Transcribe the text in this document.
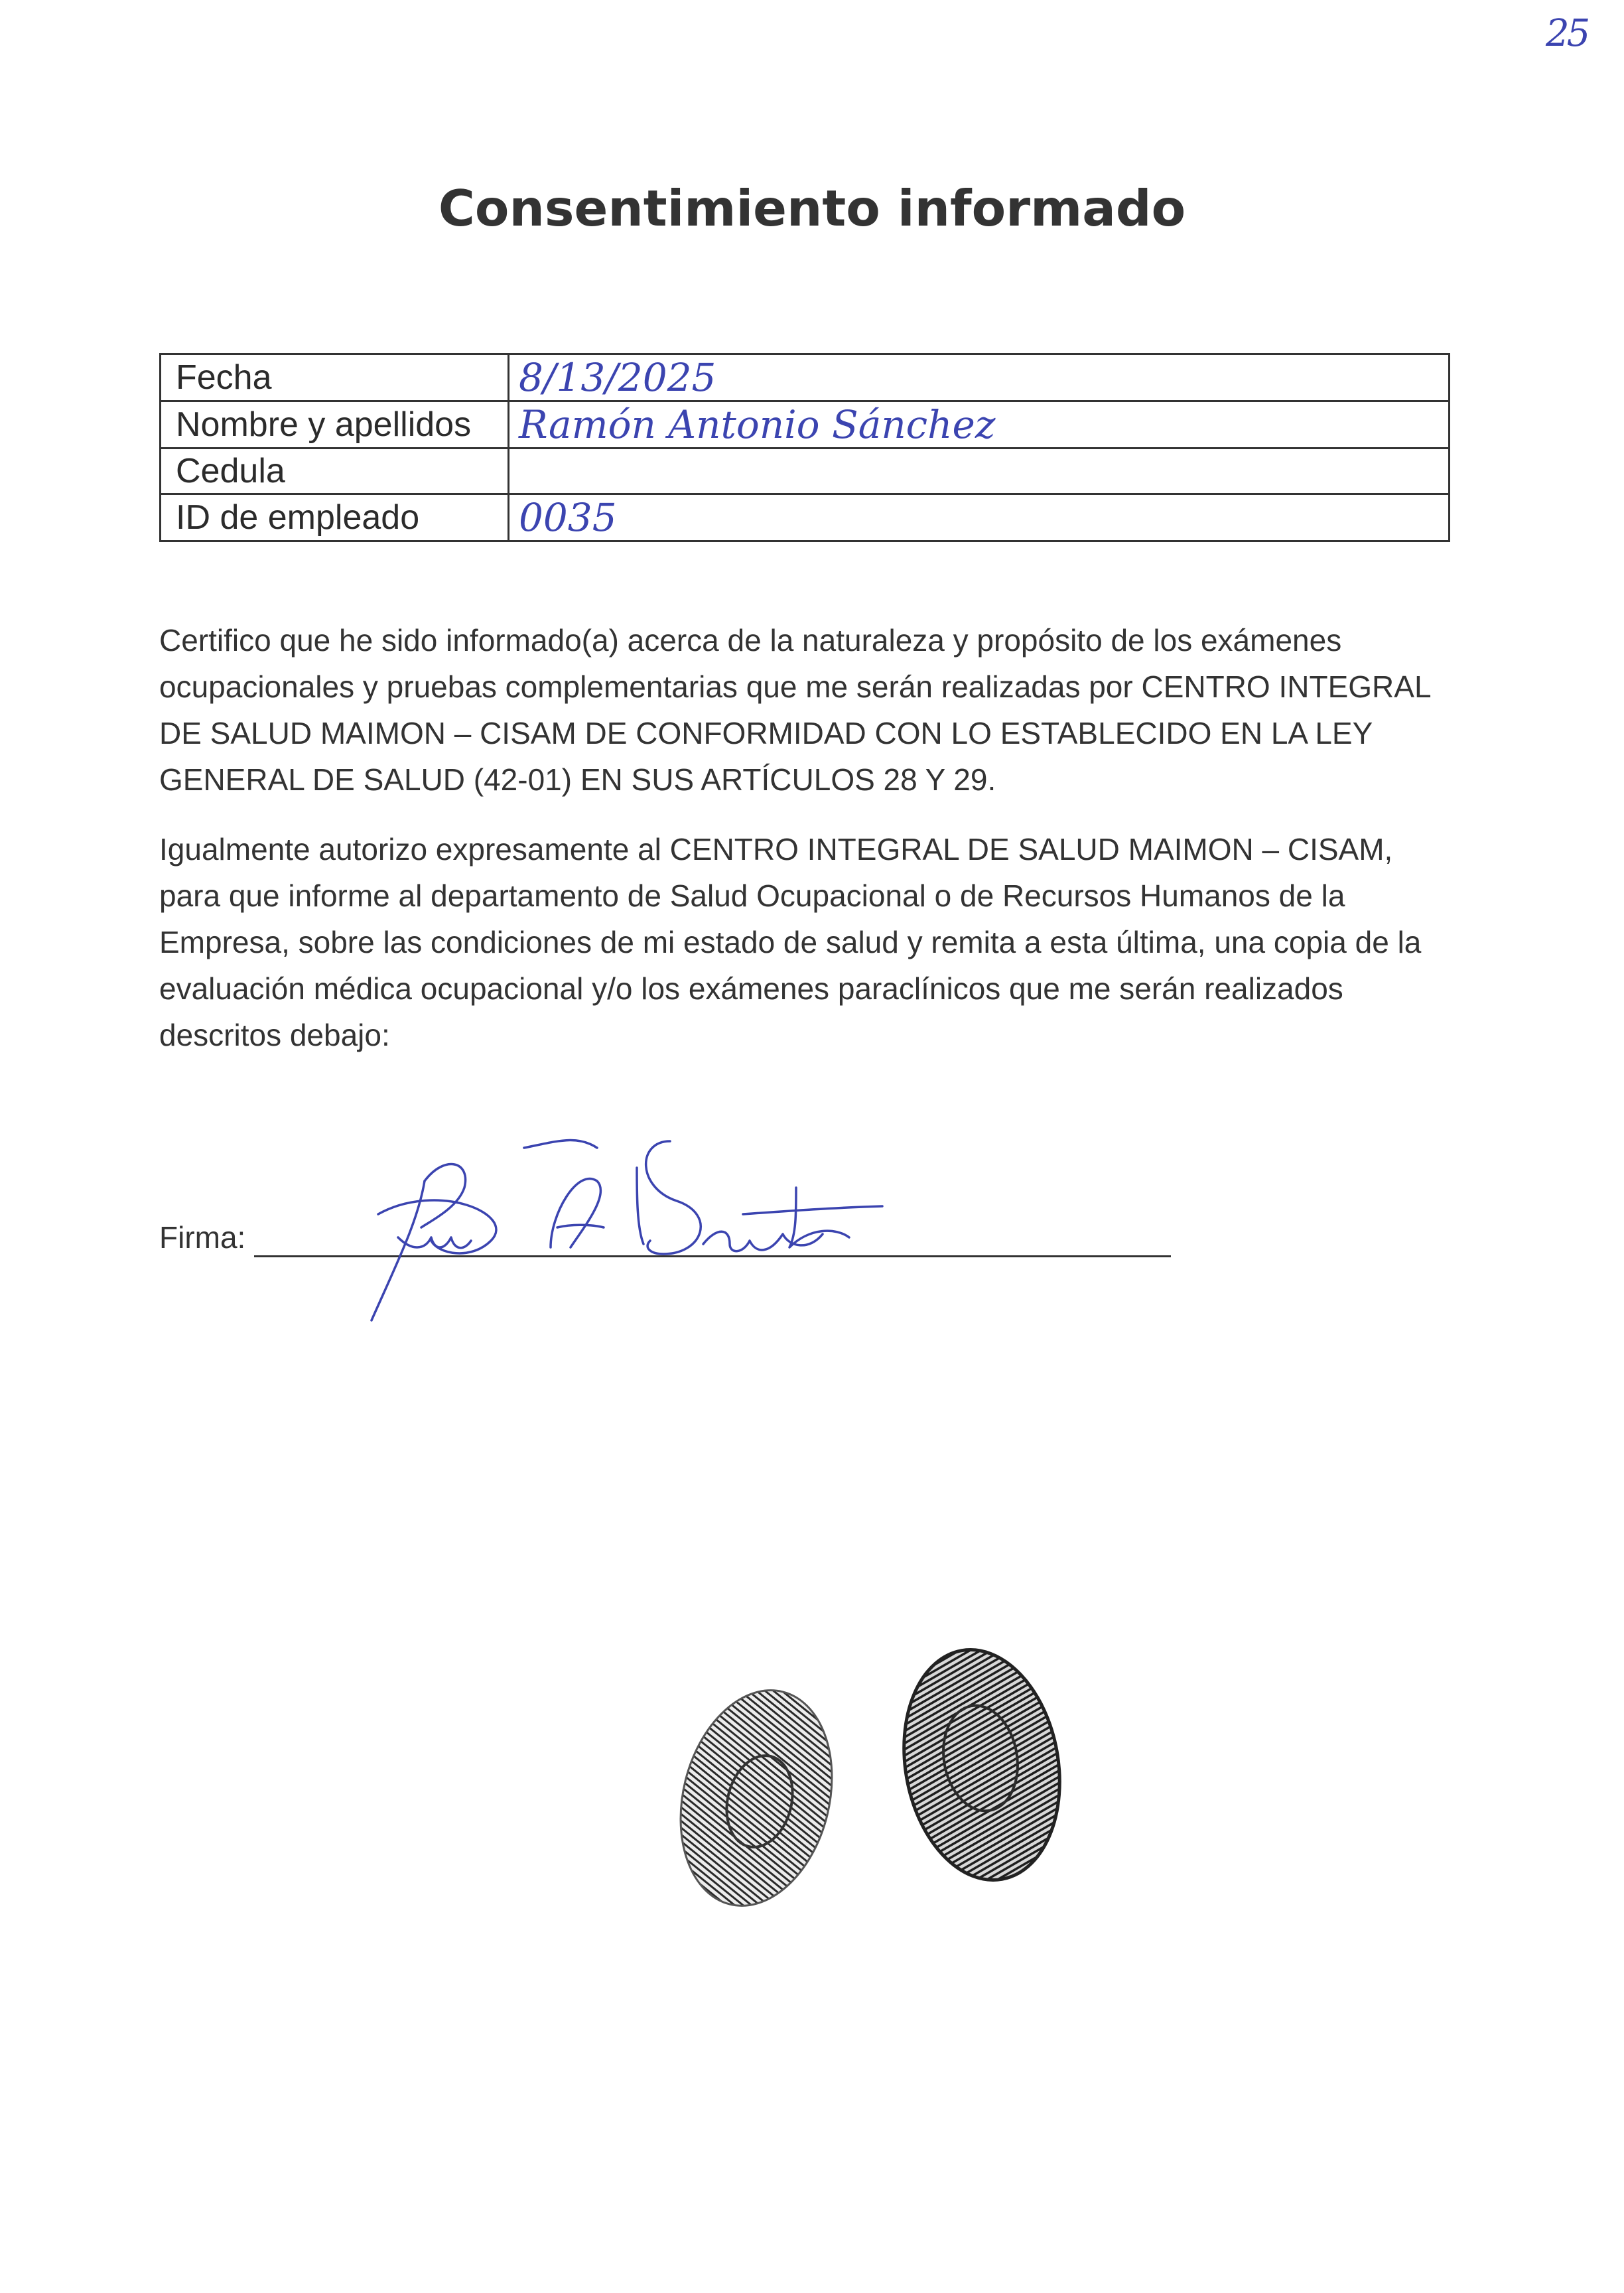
25
Consentimiento informado
Fecha	8/13/2025
Nombre y apellidos	Ramón Antonio Sánchez
Cedula	
ID de empleado	0035

Certifico que he sido informado(a) acerca de la naturaleza y propósito de los exámenes ocupacionales y pruebas complementarias que me serán realizadas por CENTRO INTEGRAL DE SALUD MAIMON – CISAM DE CONFORMIDAD CON LO ESTABLECIDO EN LA LEY GENERAL DE SALUD (42-01) EN SUS ARTÍCULOS 28 Y 29.

Igualmente autorizo expresamente al CENTRO INTEGRAL DE SALUD MAIMON – CISAM, para que informe al departamento de Salud Ocupacional o de Recursos Humanos de la Empresa, sobre las condiciones de mi estado de salud y remita a esta última, una copia de la evaluación médica ocupacional y/o los exámenes paraclínicos que me serán realizados descritos debajo:

Firma:
